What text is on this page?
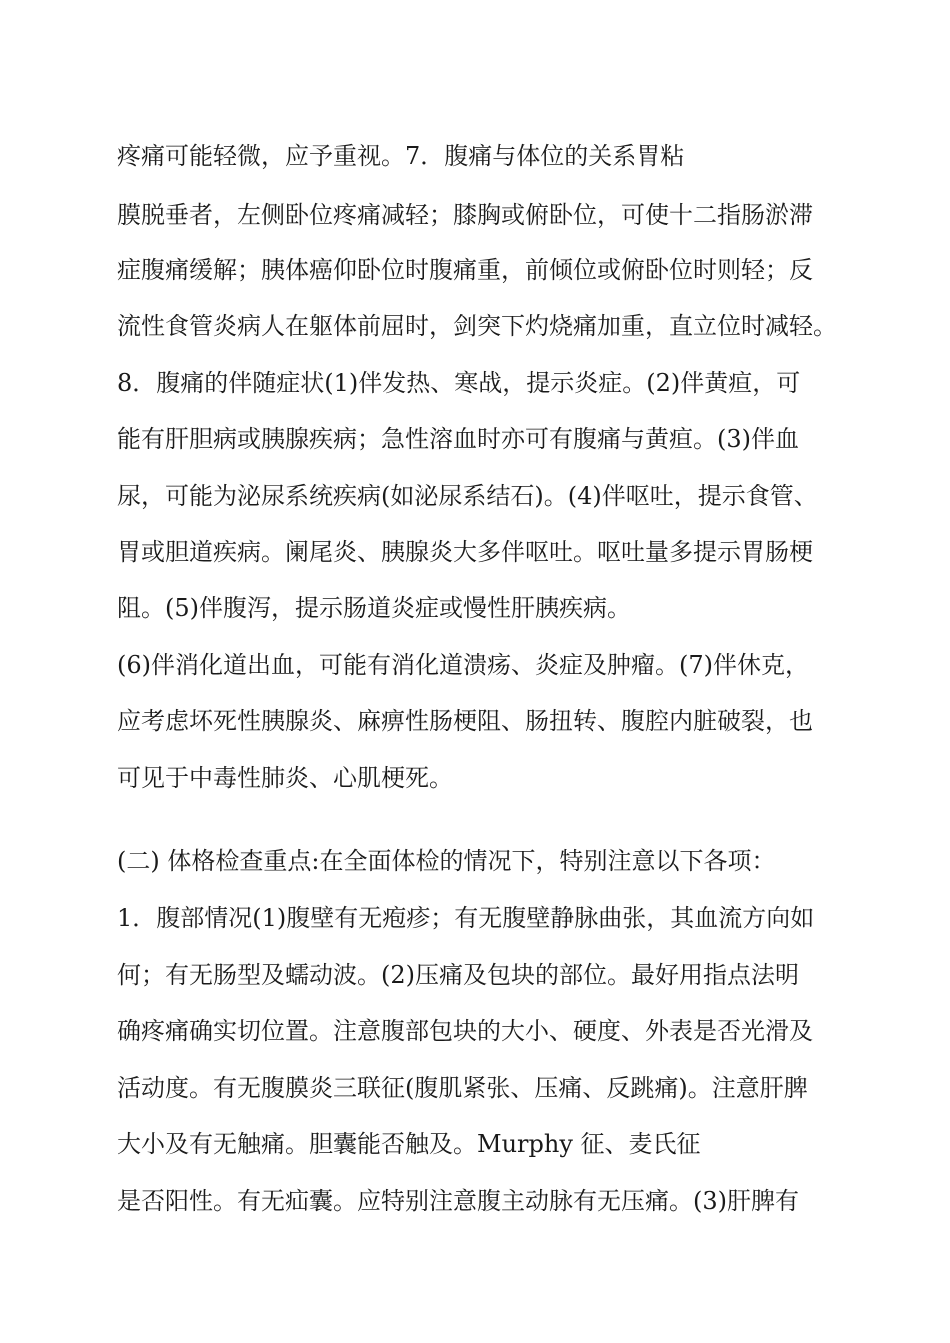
疼痛可能轻微，应予重视。7．腹痛与体位的关系胃粘
膜脱垂者，左侧卧位疼痛减轻；膝胸或俯卧位，可使十二指肠淤滞
症腹痛缓解；胰体癌仰卧位时腹痛重，前倾位或俯卧位时则轻；反
流性食管炎病人在躯体前屈时，剑突下灼烧痛加重，直立位时减轻。
8．腹痛的伴随症状(1)伴发热、寒战，提示炎症。(2)伴黄疸，可
能有肝胆病或胰腺疾病；急性溶血时亦可有腹痛与黄疸。(3)伴血
尿，可能为泌尿系统疾病(如泌尿系结石)。(4)伴呕吐，提示食管、
胃或胆道疾病。阑尾炎、胰腺炎大多伴呕吐。呕吐量多提示胃肠梗
阻。(5)伴腹泻，提示肠道炎症或慢性肝胰疾病。
(6)伴消化道出血，可能有消化道溃疡、炎症及肿瘤。(7)伴休克，
应考虑坏死性胰腺炎、麻痹性肠梗阻、肠扭转、腹腔内脏破裂，也
可见于中毒性肺炎、心肌梗死。
(二) 体格检查重点:在全面体检的情况下，特别注意以下各项：
1．腹部情况(1)腹壁有无疱疹；有无腹壁静脉曲张，其血流方向如
何；有无肠型及蠕动波。(2)压痛及包块的部位。最好用指点法明
确疼痛确实切位置。注意腹部包块的大小、硬度、外表是否光滑及
活动度。有无腹膜炎三联征(腹肌紧张、压痛、反跳痛)。注意肝脾
大小及有无触痛。胆囊能否触及。Murphy 征、麦氏征
是否阳性。有无疝囊。应特别注意腹主动脉有无压痛。(3)肝脾有
